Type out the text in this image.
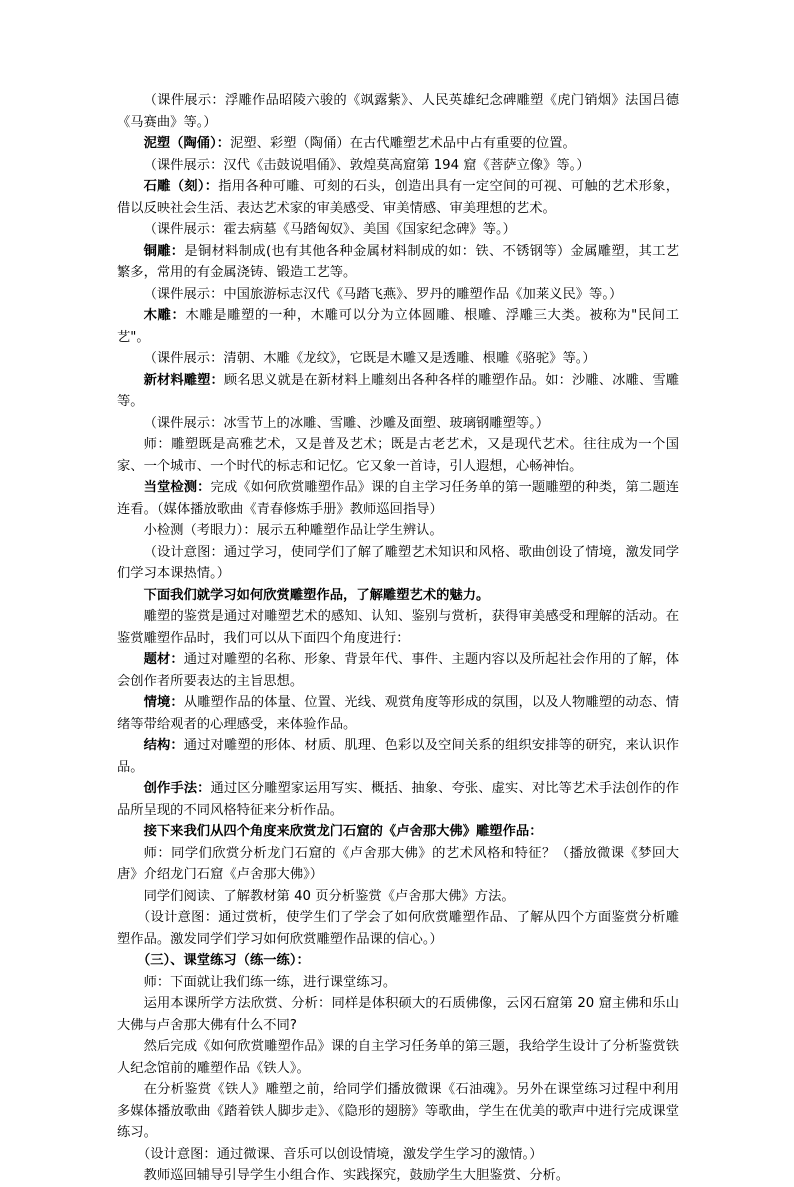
（课件展示：浮雕作品昭陵六骏的《飒露紫》、人民英雄纪念碑雕塑《虎门销烟》法国吕德《马赛曲》等。）

泥塑（陶俑）：泥塑、彩塑（陶俑）在古代雕塑艺术品中占有重要的位置。

（课件展示：汉代《击鼓说唱俑》、敦煌莫高窟第 194 窟《菩萨立像》等。）

石雕（刻）：指用各种可雕、可刻的石头，创造出具有一定空间的可视、可触的艺术形象，借以反映社会生活、表达艺术家的审美感受、审美情感、审美理想的艺术。

（课件展示：霍去病墓《马踏匈奴》、美国《国家纪念碑》等。）

铜雕：是铜材料制成(也有其他各种金属材料制成的如：铁、不锈钢等）金属雕塑，其工艺繁多，常用的有金属浇铸、锻造工艺等。

（课件展示：中国旅游标志汉代《马踏飞燕》、罗丹的雕塑作品《加莱义民》等。）

木雕：木雕是雕塑的一种，木雕可以分为立体圆雕、根雕、浮雕三大类。被称为"民间工艺"。

（课件展示：清朝、木雕《龙纹》，它既是木雕又是透雕、根雕《骆驼》等。）

新材料雕塑：顾名思义就是在新材料上雕刻出各种各样的雕塑作品。如：沙雕、冰雕、雪雕等。

（课件展示：冰雪节上的冰雕、雪雕、沙雕及面塑、玻璃钢雕塑等。）

师：雕塑既是高雅艺术，又是普及艺术；既是古老艺术，又是现代艺术。往往成为一个国家、一个城市、一个时代的标志和记忆。它又象一首诗，引人遐想，心畅神怡。

当堂检测：完成《如何欣赏雕塑作品》课的自主学习任务单的第一题雕塑的种类，第二题连连看。（媒体播放歌曲《青春修炼手册》教师巡回指导）

小检测（考眼力）：展示五种雕塑作品让学生辨认。

（设计意图：通过学习，使同学们了解了雕塑艺术知识和风格、歌曲创设了情境，激发同学们学习本课热情。）

下面我们就学习如何欣赏雕塑作品，了解雕塑艺术的魅力。

雕塑的鉴赏是通过对雕塑艺术的感知、认知、鉴别与赏析，获得审美感受和理解的活动。在鉴赏雕塑作品时，我们可以从下面四个角度进行：

题材：通过对雕塑的名称、形象、背景年代、事件、主题内容以及所起社会作用的了解，体会创作者所要表达的主旨思想。

情境：从雕塑作品的体量、位置、光线、观赏角度等形成的氛围，以及人物雕塑的动态、情绪等带给观者的心理感受，来体验作品。

结构：通过对雕塑的形体、材质、肌理、色彩以及空间关系的组织安排等的研究，来认识作品。

创作手法：通过区分雕塑家运用写实、概括、抽象、夸张、虚实、对比等艺术手法创作的作品所呈现的不同风格特征来分析作品。

接下来我们从四个角度来欣赏龙门石窟的《卢舍那大佛》雕塑作品：

师：同学们欣赏分析龙门石窟的《卢舍那大佛》的艺术风格和特征？（播放微课《梦回大唐》介绍龙门石窟《卢舍那大佛》）

同学们阅读、了解教材第 40 页分析鉴赏《卢舍那大佛》方法。

（设计意图：通过赏析，使学生们了学会了如何欣赏雕塑作品、了解从四个方面鉴赏分析雕塑作品。激发同学们学习如何欣赏雕塑作品课的信心。）

（三）、课堂练习（练一练）：

师：下面就让我们练一练，进行课堂练习。

运用本课所学方法欣赏、分析：同样是体积硕大的石质佛像，云冈石窟第 20 窟主佛和乐山大佛与卢舍那大佛有什么不同?

然后完成《如何欣赏雕塑作品》课的自主学习任务单的第三题，我给学生设计了分析鉴赏铁人纪念馆前的雕塑作品《铁人》。

在分析鉴赏《铁人》雕塑之前，给同学们播放微课《石油魂》。另外在课堂练习过程中利用多媒体播放歌曲《踏着铁人脚步走》、《隐形的翅膀》等歌曲，学生在优美的歌声中进行完成课堂练习。

（设计意图：通过微课、音乐可以创设情境，激发学生学习的激情。）

教师巡回辅导引导学生小组合作、实践探究，鼓励学生大胆鉴赏、分析。
